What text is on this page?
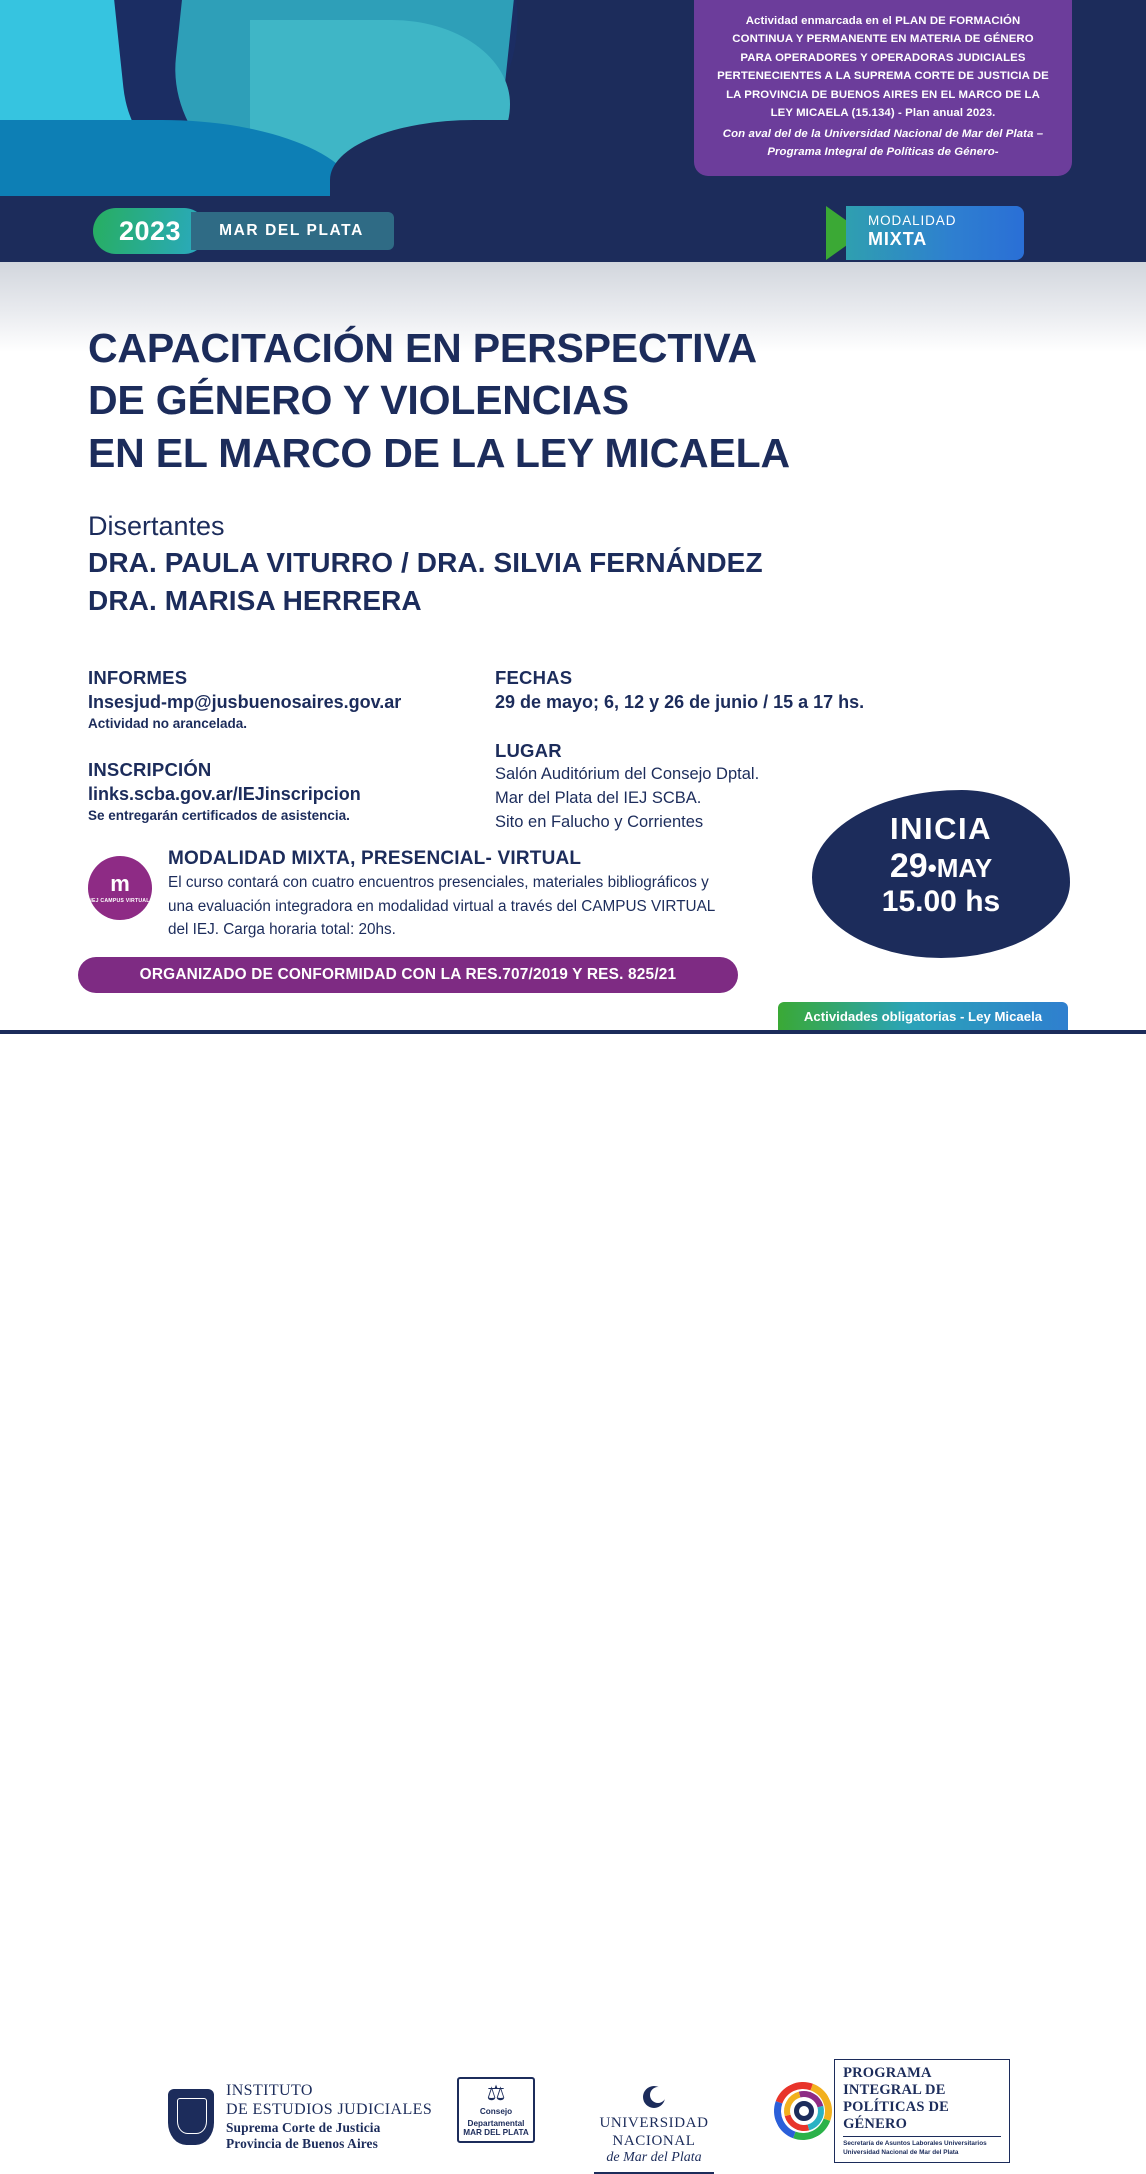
Actividad enmarcada en el PLAN DE FORMACIÓN CONTINUA Y PERMANENTE EN MATERIA DE GÉNERO PARA OPERADORES Y OPERADORAS JUDICIALES PERTENECIENTES A LA SUPREMA CORTE DE JUSTICIA DE LA PROVINCIA DE BUENOS AIRES EN EL MARCO DE LA LEY MICAELA (15.134) - Plan anual 2023.

Con aval del de la Universidad Nacional de Mar del Plata –Programa Integral de Políticas de Género-

2023	MAR DEL PLATA
MODALIDAD
MIXTA
CAPACITACIÓN EN PERSPECTIVA
DE GÉNERO Y VIOLENCIAS
EN EL MARCO DE LA LEY MICAELA
Disertantes
DRA. PAULA VITURRO / DRA. SILVIA FERNÁNDEZ
DRA. MARISA HERRERA
INFORMES
Insesjud-mp@jusbuenosaires.gov.ar
Actividad no arancelada.
INSCRIPCIÓN
links.scba.gov.ar/IEJinscripcion
Se entregarán certificados de asistencia.
FECHAS
29 de mayo; 6, 12 y 26 de junio / 15 a 17 hs.
LUGAR
Salón Auditórium del Consejo Dptal.
Mar del Plata del IEJ SCBA.
Sito en Falucho y Corrientes
m
IEJ CAMPUS VIRTUAL
MODALIDAD MIXTA, PRESENCIAL- VIRTUAL
El curso contará con cuatro encuentros presenciales, materiales bibliográficos y
una evaluación integradora en modalidad virtual a través del CAMPUS VIRTUAL
del IEJ. Carga horaria total: 20hs.
INICIA
29•MAY
15.00 hs
ORGANIZADO DE CONFORMIDAD CON LA RES.707/2019 Y RES. 825/21
Actividades obligatorias - Ley Micaela
INSTITUTO
DE ESTUDIOS JUDICIALES
Suprema Corte de Justicia
Provincia de Buenos Aires
⚖
Consejo
Departamental
MAR DEL PLATA
UNIVERSIDAD NACIONAL
de Mar del Plata
PROGRAMA INTEGRAL DE
POLÍTICAS DE GÉNERO
Secretaría de Asuntos Laborales Universitarios
Universidad Nacional de Mar del Plata
